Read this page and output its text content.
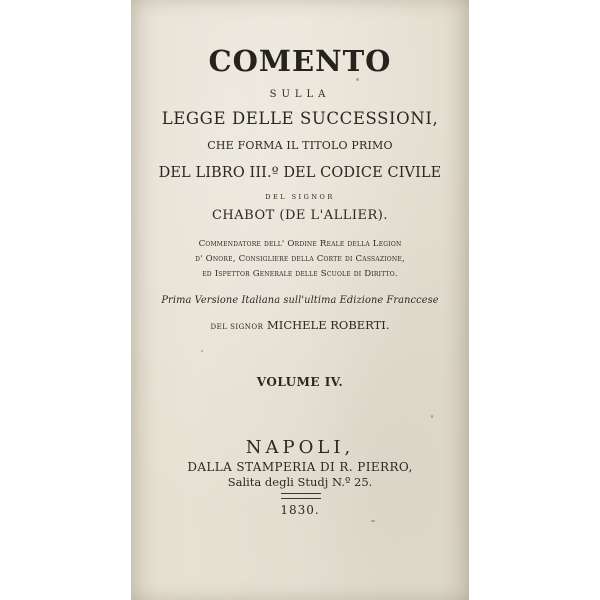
COMENTO
SULLA
LEGGE DELLE SUCCESSIONI,
CHE FORMA IL TITOLO PRIMO
DEL LIBRO III.º DEL CODICE CIVILE
DEL SIGNOR
CHABOT (DE L'ALLIER).
Commendatore dell' Ordine Reale della Legion
d' Onore, Consigliere della Corte di Cassazione,
ed Ispettor Generale delle Scuole di Diritto.
Prima Versione Italiana sull'ultima Edizione Franccese
DEL SIGNOR MICHELE ROBERTI.
VOLUME IV.
NAPOLI,
DALLA STAMPERIA DI R. PIERRO,
Salita degli Studj N.º 25.
1830.
